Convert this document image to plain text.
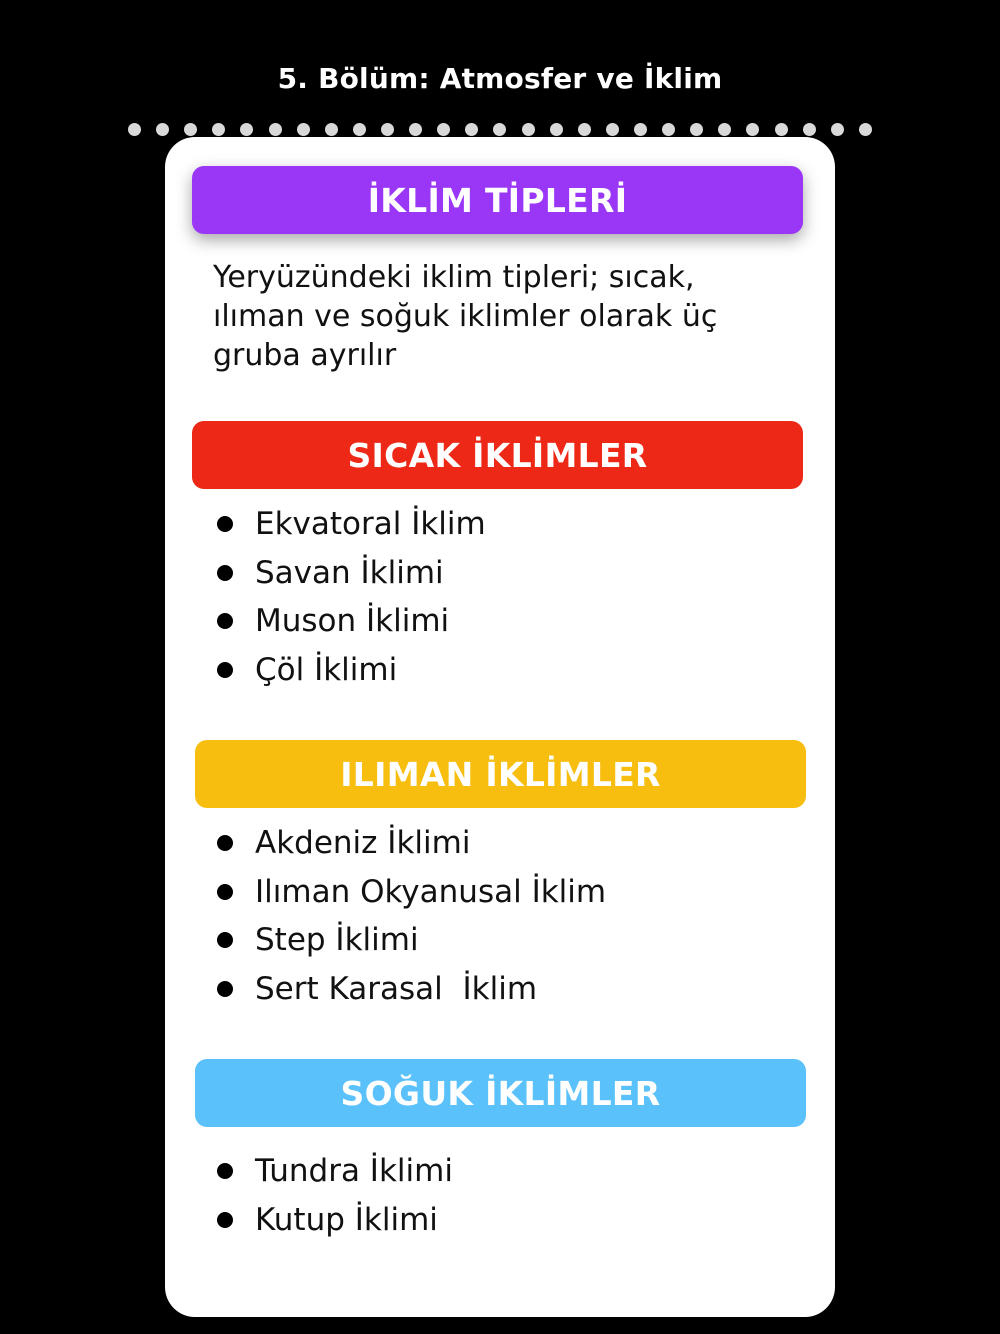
5. Bölüm: Atmosfer ve İklim
İKLİM TİPLERİ
Yeryüzündeki iklim tipleri; sıcak, ılıman ve soğuk iklimler olarak üç gruba ayrılır
SICAK İKLİMLER
Ekvatoral İklim
Savan İklimi
Muson İklimi
Çöl İklimi
ILIMAN İKLİMLER
Akdeniz İklimi
Ilıman Okyanusal İklim
Step İklimi
Sert Karasal  İklim
SOĞUK İKLİMLER
Tundra İklimi
Kutup İklimi
